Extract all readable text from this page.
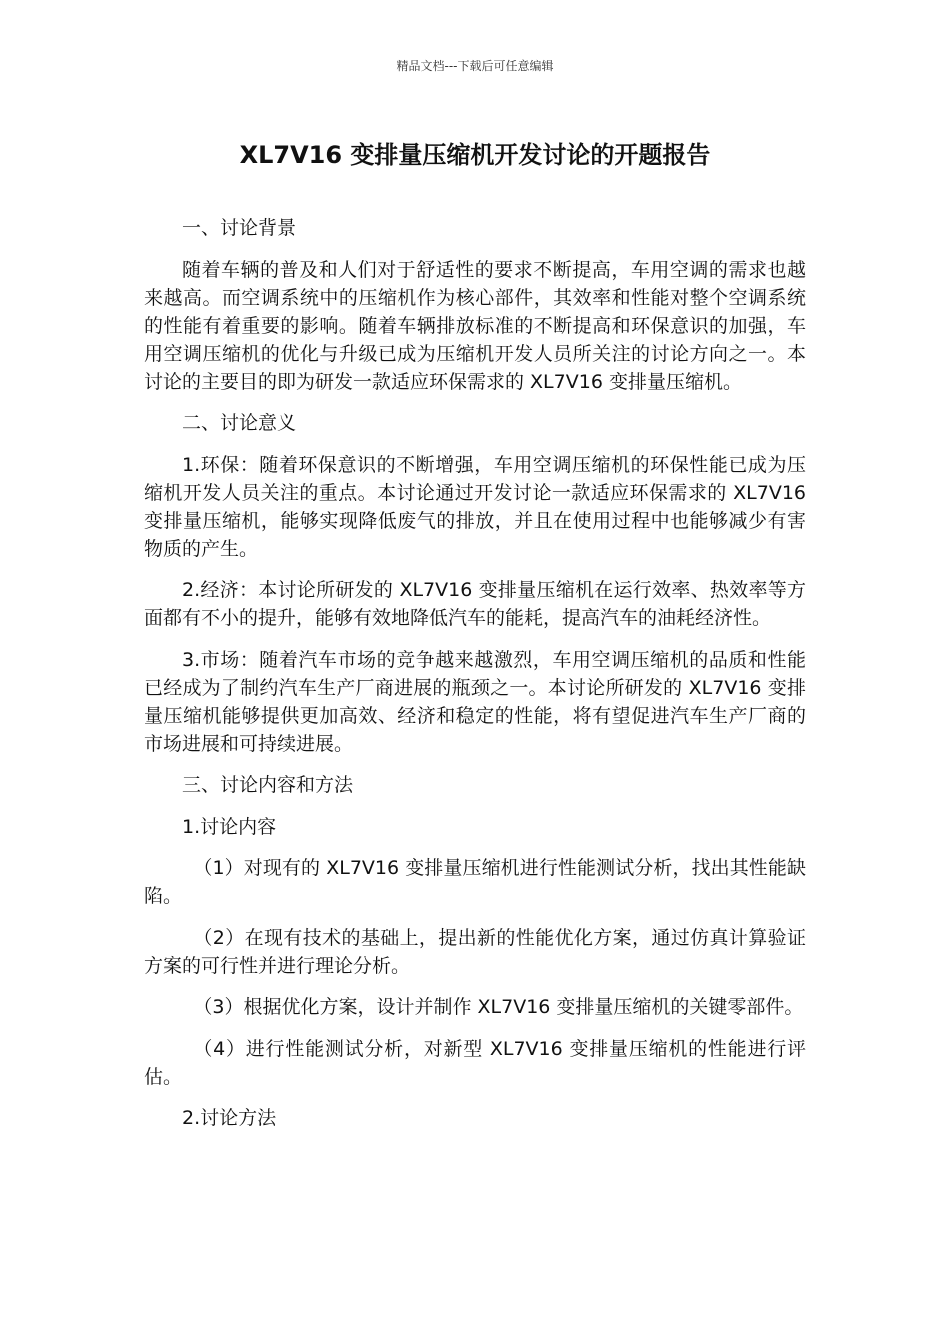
精品文档---下载后可任意编辑
XL7V16 变排量压缩机开发讨论的开题报告

一、讨论背景

随着车辆的普及和人们对于舒适性的要求不断提高，车用空调的需求也越来越高。而空调系统中的压缩机作为核心部件，其效率和性能对整个空调系统的性能有着重要的影响。随着车辆排放标准的不断提高和环保意识的加强，车用空调压缩机的优化与升级已成为压缩机开发人员所关注的讨论方向之一。本讨论的主要目的即为研发一款适应环保需求的 XL7V16 变排量压缩机。

二、讨论意义

1.环保：随着环保意识的不断增强，车用空调压缩机的环保性能已成为压缩机开发人员关注的重点。本讨论通过开发讨论一款适应环保需求的 XL7V16 变排量压缩机，能够实现降低废气的排放，并且在使用过程中也能够减少有害物质的产生。

2.经济：本讨论所研发的 XL7V16 变排量压缩机在运行效率、热效率等方面都有不小的提升，能够有效地降低汽车的能耗，提高汽车的油耗经济性。

3.市场：随着汽车市场的竞争越来越激烈，车用空调压缩机的品质和性能已经成为了制约汽车生产厂商进展的瓶颈之一。本讨论所研发的 XL7V16 变排量压缩机能够提供更加高效、经济和稳定的性能，将有望促进汽车生产厂商的市场进展和可持续进展。

三、讨论内容和方法

1.讨论内容

（1）对现有的 XL7V16 变排量压缩机进行性能测试分析，找出其性能缺陷。

（2）在现有技术的基础上，提出新的性能优化方案，通过仿真计算验证方案的可行性并进行理论分析。

（3）根据优化方案，设计并制作 XL7V16 变排量压缩机的关键零部件。

（4）进行性能测试分析，对新型 XL7V16 变排量压缩机的性能进行评估。

2.讨论方法
